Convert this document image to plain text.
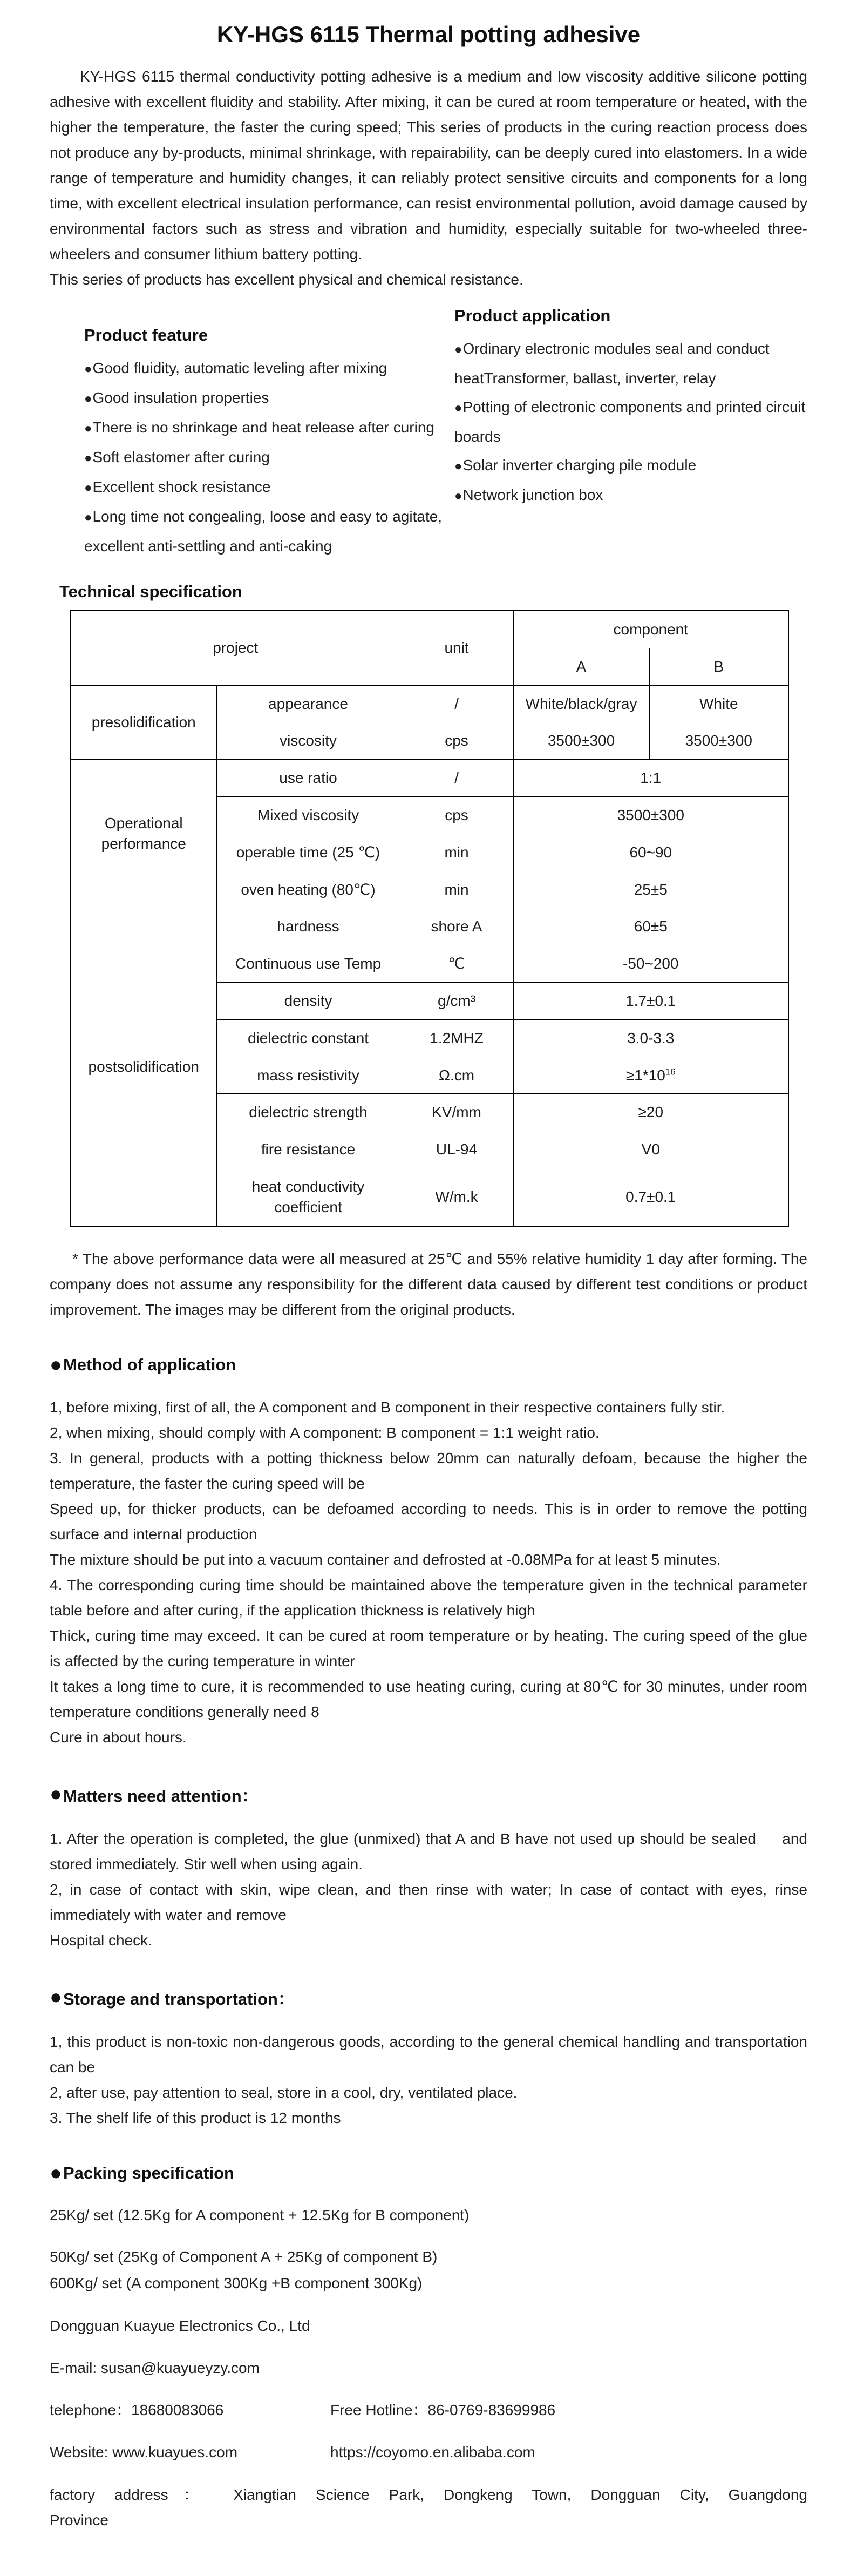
KY-HGS 6115 Thermal potting adhesive

KY-HGS 6115 thermal conductivity potting adhesive is a medium and low viscosity additive silicone potting adhesive with excellent fluidity and stability. After mixing, it can be cured at room temperature or heated, with the higher the temperature, the faster the curing speed; This series of products in the curing reaction process does not produce any by-products, minimal shrinkage, with repairability, can be deeply cured into elastomers. In a wide range of temperature and humidity changes, it can reliably protect sensitive circuits and components for a long time, with excellent electrical insulation performance, can resist environmental pollution, avoid damage caused by environmental factors such as stress and vibration and humidity, especially suitable for two-wheeled three-wheelers and consumer lithium battery potting.

This series of products has excellent physical and chemical resistance.

Product feature
●Good fluidity, automatic leveling after mixing
●Good insulation properties
●There is no shrinkage and heat release after curing
●Soft elastomer after curing
●Excellent shock resistance
●Long time not congealing, loose and easy to agitate, excellent anti-settling and anti-caking
Product application
●Ordinary electronic modules seal and conduct heatTransformer, ballast, inverter, relay
●Potting of electronic components and printed circuit boards
●Solar inverter charging pile module
●Network junction box
Technical specification
project		unit	component	
			A	B
presolidification	appearance	/	White/black/gray	White
	viscosity	cps	3500±300	3500±300
Operational performance	use ratio	/	1:1	
	Mixed viscosity	cps	3500±300	
	operable time (25 ℃)	min	60~90	
	oven heating (80℃)	min	25±5	
postsolidification	hardness	shore A	60±5	
	Continuous use Temp	℃	-50~200	
	density	g/cm³	1.7±0.1	
	dielectric constant	1.2MHZ	3.0-3.3	
	mass resistivity	Ω.cm	$\ge 1*10^{16}$
	dielectric strength	KV/mm	≥20	
	fire resistance	UL-94	V0	
	heat conductivity coefficient	W/m.k	0.7±0.1	

* The above performance data were all measured at 25℃ and 55% relative humidity 1 day after forming. The company does not assume any responsibility for the different data caused by different test conditions or product improvement. The images may be different from the original products.

● Method of application

1, before mixing, first of all, the A component and B component in their respective containers fully stir.

2, when mixing, should comply with A component: B component = 1:1 weight ratio.

3. In general, products with a potting thickness below 20mm can naturally defoam, because the higher the temperature, the faster the curing speed will be

Speed up, for thicker products, can be defoamed according to needs. This is in order to remove the potting surface and internal production

The mixture should be put into a vacuum container and defrosted at -0.08MPa for at least 5 minutes.

4. The corresponding curing time should be maintained above the temperature given in the technical parameter table before and after curing, if the application thickness is relatively high

Thick, curing time may exceed. It can be cured at room temperature or by heating. The curing speed of the glue is affected by the curing temperature in winter

It takes a long time to cure, it is recommended to use heating curing, curing at 80℃ for 30 minutes, under room temperature conditions generally need 8

Cure in about hours.

● Matters need attention：

1. After the operation is completed, the glue (unmixed) that A and B have not used up should be sealed     and stored immediately. Stir well when using again.

2, in case of contact with skin, wipe clean, and then rinse with water; In case of contact with eyes, rinse immediately with water and remove

Hospital check.

● Storage and transportation：

1, this product is non-toxic non-dangerous goods, according to the general chemical handling and transportation can be

2, after use, pay attention to seal, store in a cool, dry, ventilated place.

3. The shelf life of this product is 12 months

● Packing specification

25Kg/ set (12.5Kg for A component + 12.5Kg for B component)

50Kg/ set (25Kg of Component A + 25Kg of component B)

600Kg/ set (A component 300Kg +B component 300Kg)

Dongguan Kuayue Electronics Co., Ltd

E-mail: susan@kuayueyzy.com

telephone：18680083066	Free Hotline：86-0769-83699986
Website: www.kuayues.com	https://coyomo.en.alibaba.com

factory address： Xiangtian Science Park, Dongkeng Town, Dongguan City, Guangdong

Province
